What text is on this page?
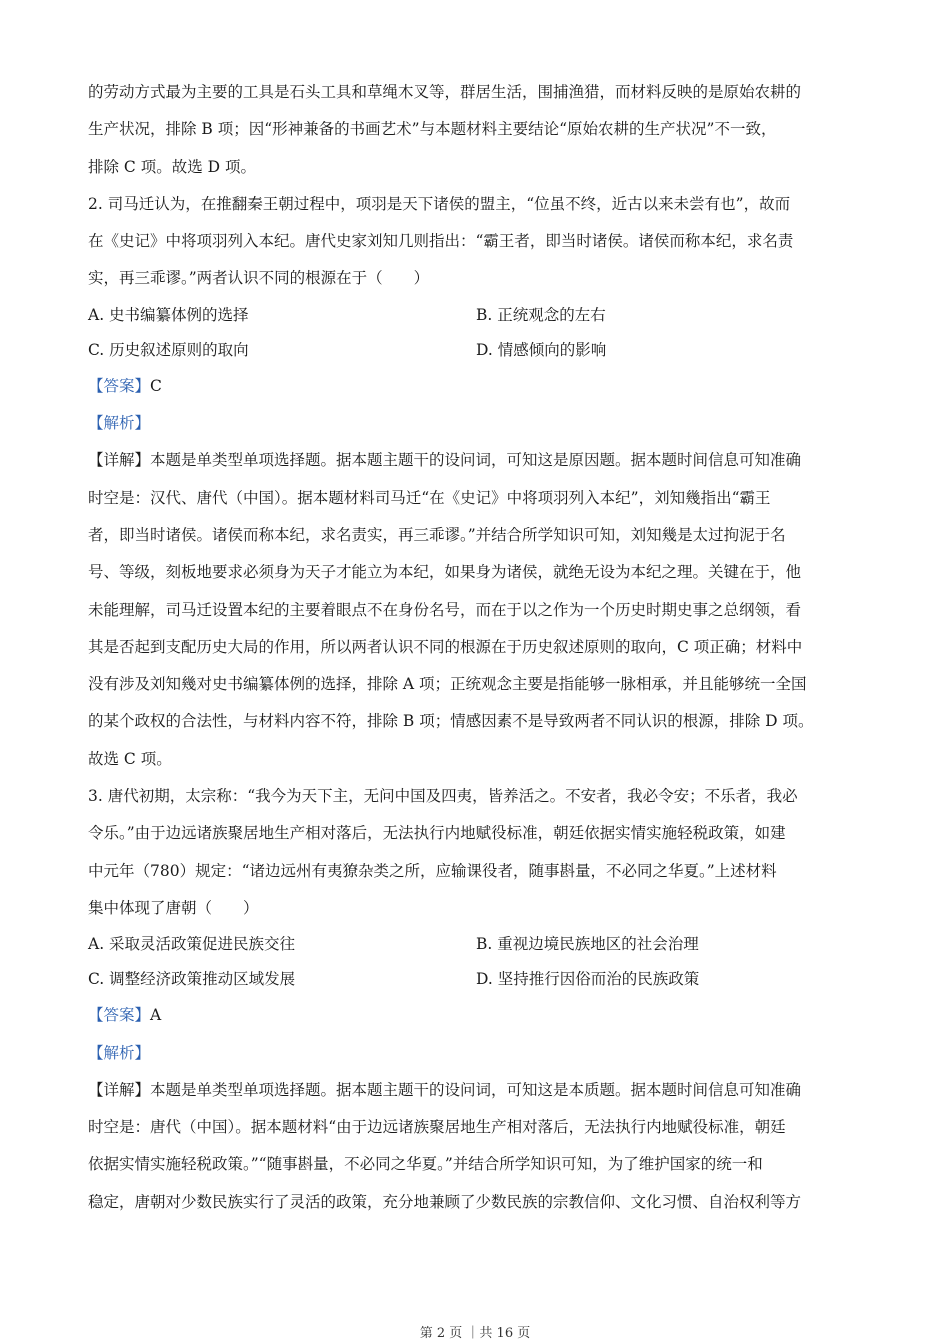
的劳动方式最为主要的工具是石头工具和草绳木叉等，群居生活，围捕渔猎，而材料反映的是原始农耕的

生产状况，排除 B 项；因“形神兼备的书画艺术”与本题材料主要结论“原始农耕的生产状况”不一致，

排除 C 项。故选 D 项。

2. 司马迁认为，在推翻秦王朝过程中，项羽是天下诸侯的盟主，“位虽不终，近古以来未尝有也”，故而

在《史记》中将项羽列入本纪。唐代史家刘知几则指出：“霸王者，即当时诸侯。诸侯而称本纪，求名责

实，再三乖谬。”两者认识不同的根源在于（　　）

A. 史书编纂体例的选择	B. 正统观念的左右
C. 历史叙述原则的取向	D. 情感倾向的影响

【答案】C

【解析】

【详解】本题是单类型单项选择题。据本题主题干的设问词，可知这是原因题。据本题时间信息可知准确

时空是：汉代、唐代（中国）。据本题材料司马迁“在《史记》中将项羽列入本纪”，刘知幾指出“霸王

者，即当时诸侯。诸侯而称本纪，求名责实，再三乖谬。”并结合所学知识可知，刘知幾是太过拘泥于名

号、等级，刻板地要求必须身为天子才能立为本纪，如果身为诸侯，就绝无设为本纪之理。关键在于，他

未能理解，司马迁设置本纪的主要着眼点不在身份名号，而在于以之作为一个历史时期史事之总纲领，看

其是否起到支配历史大局的作用，所以两者认识不同的根源在于历史叙述原则的取向，C 项正确；材料中

没有涉及刘知幾对史书编纂体例的选择，排除 A 项；正统观念主要是指能够一脉相承，并且能够统一全国

的某个政权的合法性，与材料内容不符，排除 B 项；情感因素不是导致两者不同认识的根源，排除 D 项。

故选 C 项。

3. 唐代初期，太宗称：“我今为天下主，无问中国及四夷，皆养活之。不安者，我必令安；不乐者，我必

令乐。”由于边远诸族聚居地生产相对落后，无法执行内地赋役标准，朝廷依据实情实施轻税政策，如建

中元年（780）规定：“诸边远州有夷獠杂类之所，应输课役者，随事斟量，不必同之华夏。”上述材料

集中体现了唐朝（　　）

A. 采取灵活政策促进民族交往	B. 重视边境民族地区的社会治理
C. 调整经济政策推动区域发展	D. 坚持推行因俗而治的民族政策

【答案】A

【解析】

【详解】本题是单类型单项选择题。据本题主题干的设问词，可知这是本质题。据本题时间信息可知准确

时空是：唐代（中国）。据本题材料“由于边远诸族聚居地生产相对落后，无法执行内地赋役标准，朝廷

依据实情实施轻税政策。”“随事斟量，不必同之华夏。”并结合所学知识可知，为了维护国家的统一和

稳定，唐朝对少数民族实行了灵活的政策，充分地兼顾了少数民族的宗教信仰、文化习惯、自治权利等方

第 2 页 ｜共 16 页
